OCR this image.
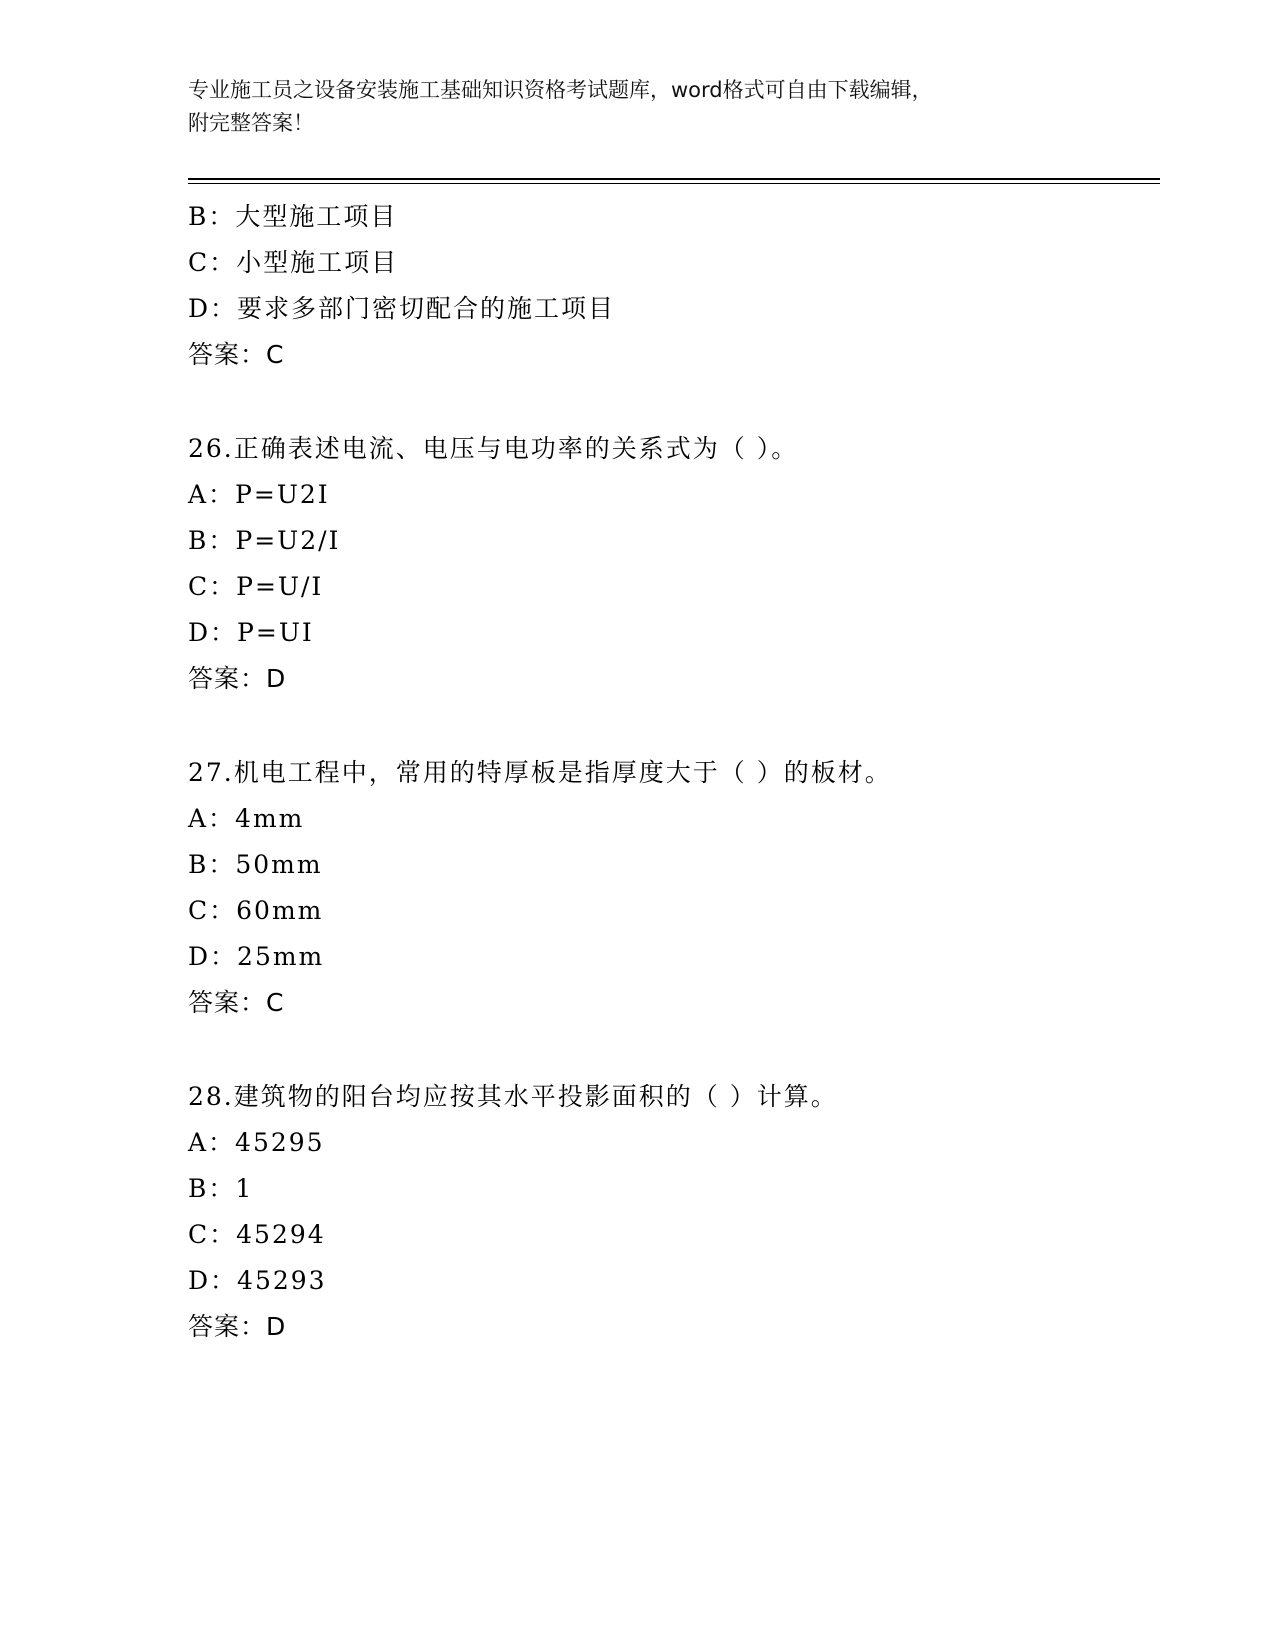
专业施工员之设备安装施工基础知识资格考试题库，word格式可自由下载编辑，
附完整答案！
B：大型施工项目
C：小型施工项目
D：要求多部门密切配合的施工项目
答案：C
26.正确表述电流、电压与电功率的关系式为（ ）。
A：P=U2I
B：P=U2/I
C：P=U/I
D：P=UI
答案：D
27.机电工程中，常用的特厚板是指厚度大于（ ）的板材。
A：4mm
B：50mm
C：60mm
D：25mm
答案：C
28.建筑物的阳台均应按其水平投影面积的（ ）计算。
A：45295
B：1
C：45294
D：45293
答案：D
